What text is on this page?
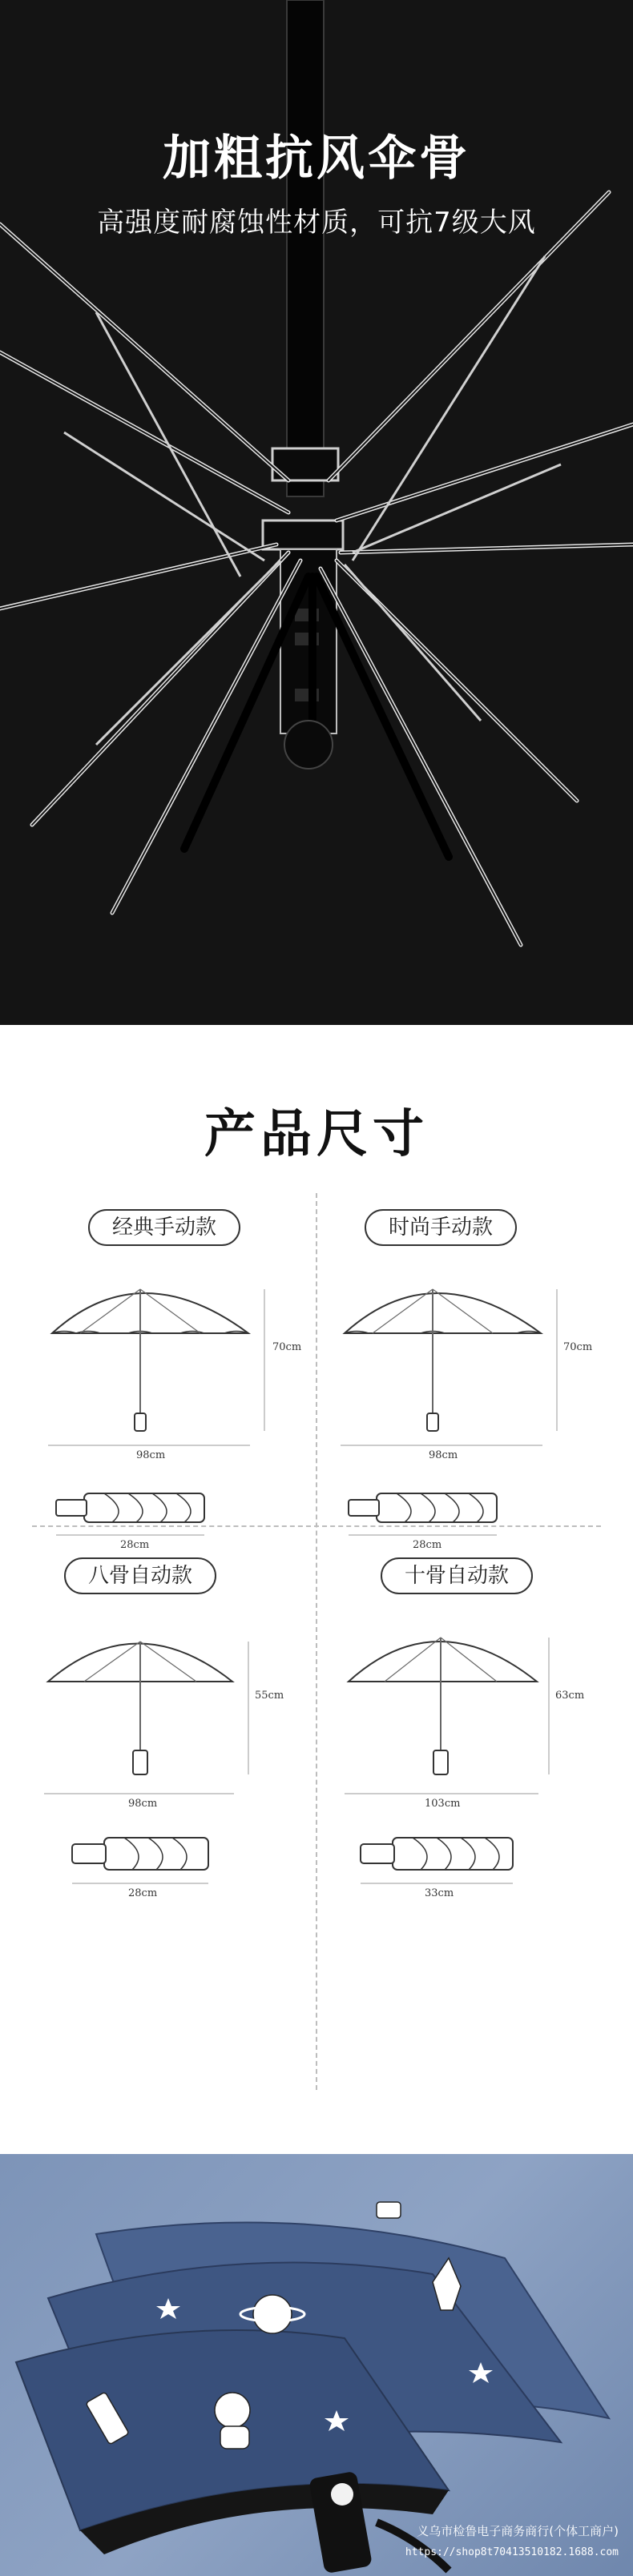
加粗抗风伞骨
高强度耐腐蚀性材质，可抗7级大风
产品尺寸
经典手动款
70cm
98cm
28cm
时尚手动款
70cm
98cm
28cm
八骨自动款
55cm
98cm
28cm
十骨自动款
63cm
103cm
33cm
义乌市检鲁电子商务商行(个体工商户)
https://shop8t70413510182.1688.com
